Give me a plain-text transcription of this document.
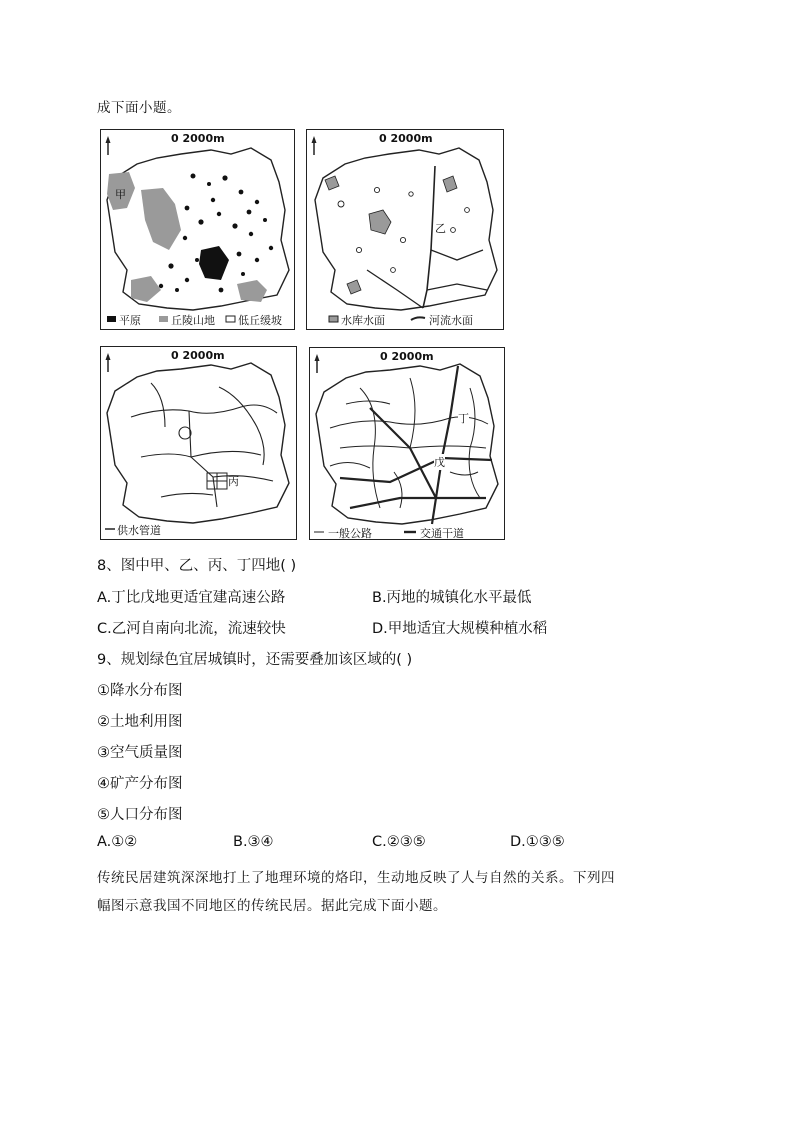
成下面小题。
0 2000m
甲
平原	丘陵山地 低丘缓坡
0 2000m
乙
水库水面	河流水面
0 2000m
丙
供水管道
0 2000m
丁
戊
一般公路	交通干道
8、图中甲、乙、丙、丁四地( )
A.丁比戊地更适宜建高速公路	B.丙地的城镇化水平最低
C.乙河自南向北流，流速较快	D.甲地适宜大规模种植水稻
9、规划绿色宜居城镇时，还需要叠加该区域的( )
①降水分布图
②土地利用图
③空气质量图
④矿产分布图
⑤人口分布图
A.①②	B.③④	C.②③⑤	D.①③⑤
传统民居建筑深深地打上了地理环境的烙印，生动地反映了人与自然的关系。下列四
幅图示意我国不同地区的传统民居。据此完成下面小题。
